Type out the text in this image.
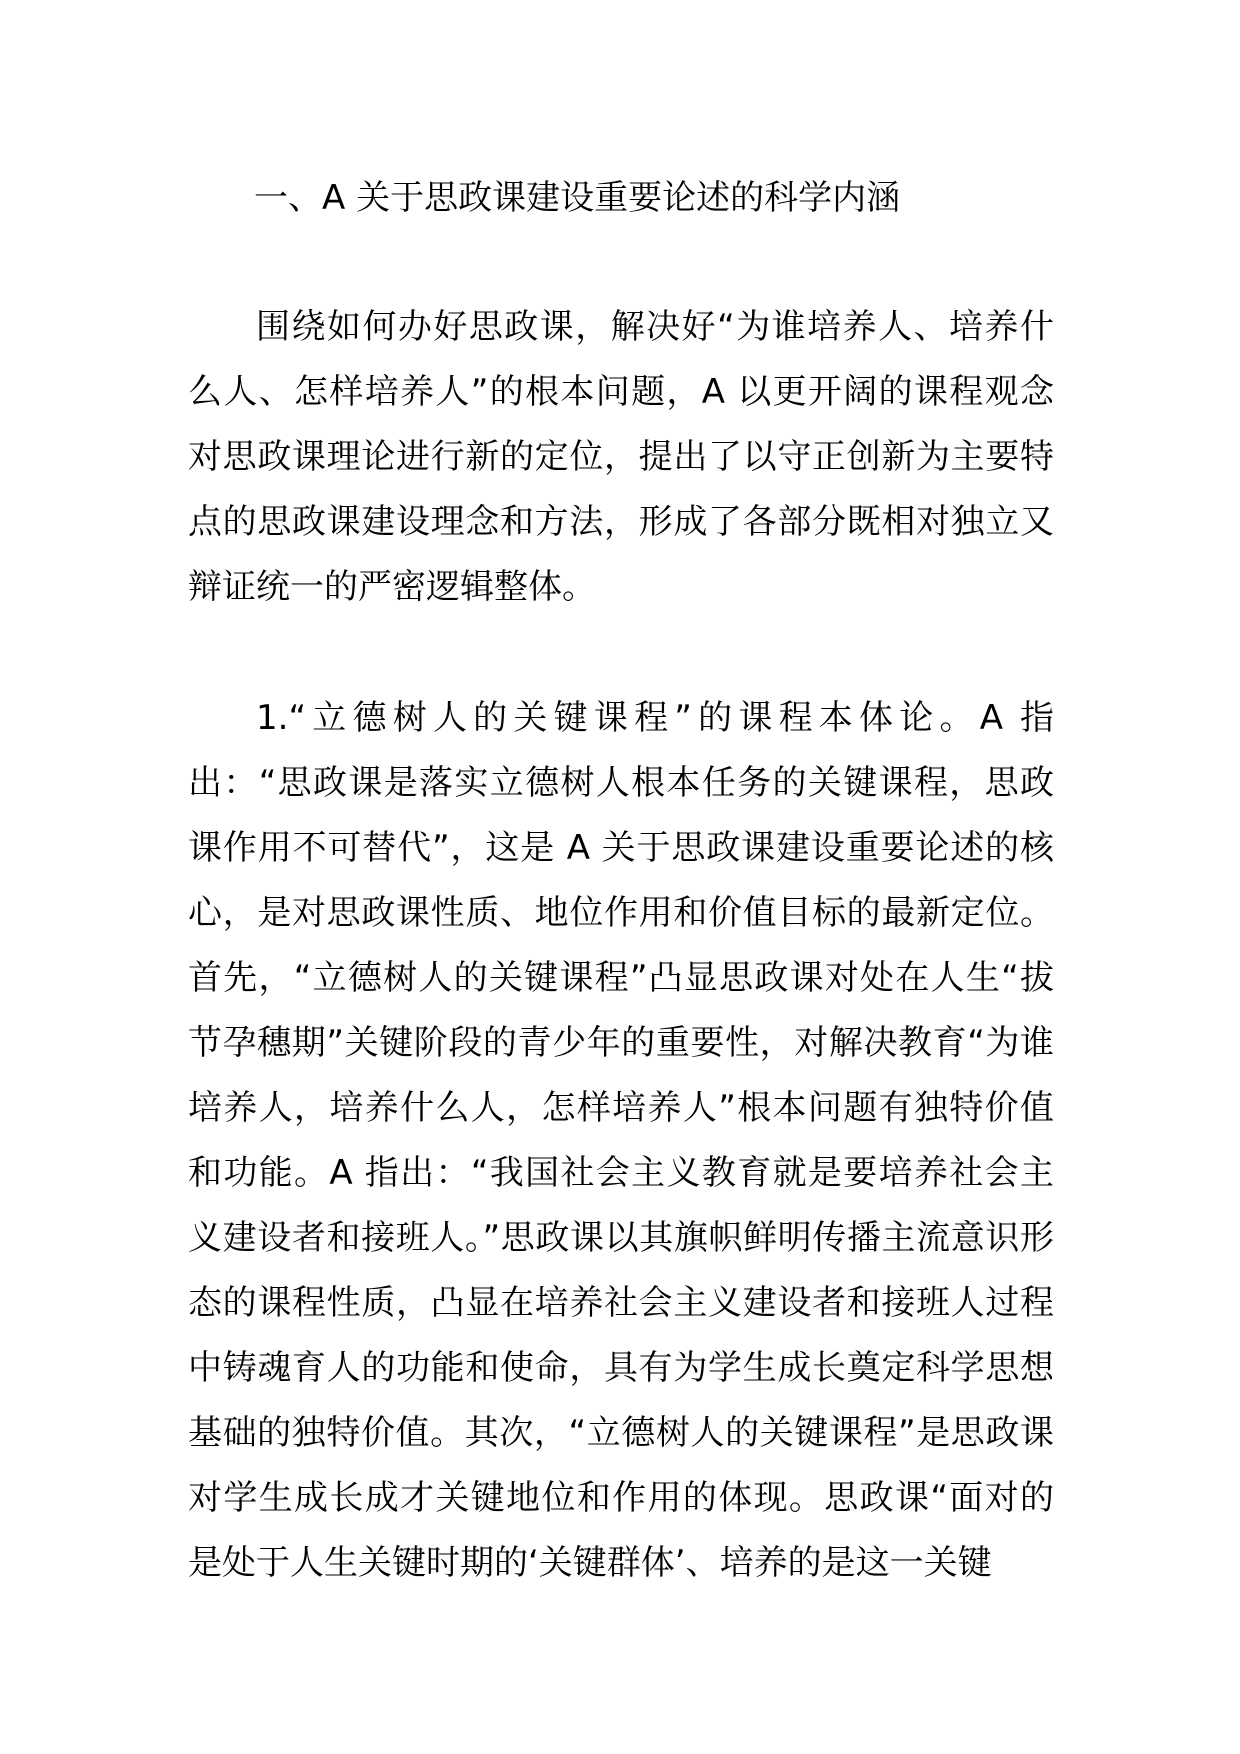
一、A 关于思政课建设重要论述的科学内涵

围绕如何办好思政课，解决好“为谁培养人、培养什么人、怎样培养人”的根本问题，A 以更开阔的课程观念对思政课理论进行新的定位，提出了以守正创新为主要特点的思政课建设理念和方法，形成了各部分既相对独立又辩证统一的严密逻辑整体。

1.“立德树人的关键课程”的课程本体论。A 指出：“思政课是落实立德树人根本任务的关键课程，思政课作用不可替代”，这是 A 关于思政课建设重要论述的核心，是对思政课性质、地位作用和价值目标的最新定位。首先，“立德树人的关键课程”凸显思政课对处在人生“拔节孕穗期”关键阶段的青少年的重要性，对解决教育“为谁培养人，培养什么人，怎样培养人”根本问题有独特价值和功能。A 指出：“我国社会主义教育就是要培养社会主义建设者和接班人。”思政课以其旗帜鲜明传播主流意识形态的课程性质，凸显在培养社会主义建设者和接班人过程中铸魂育人的功能和使命，具有为学生成长奠定科学思想基础的独特价值。其次，“立德树人的关键课程”是思政课对学生成长成才关键地位和作用的体现。思政课“面对的是处于人生关键时期的‘关键群体’、培养的是这一关键
